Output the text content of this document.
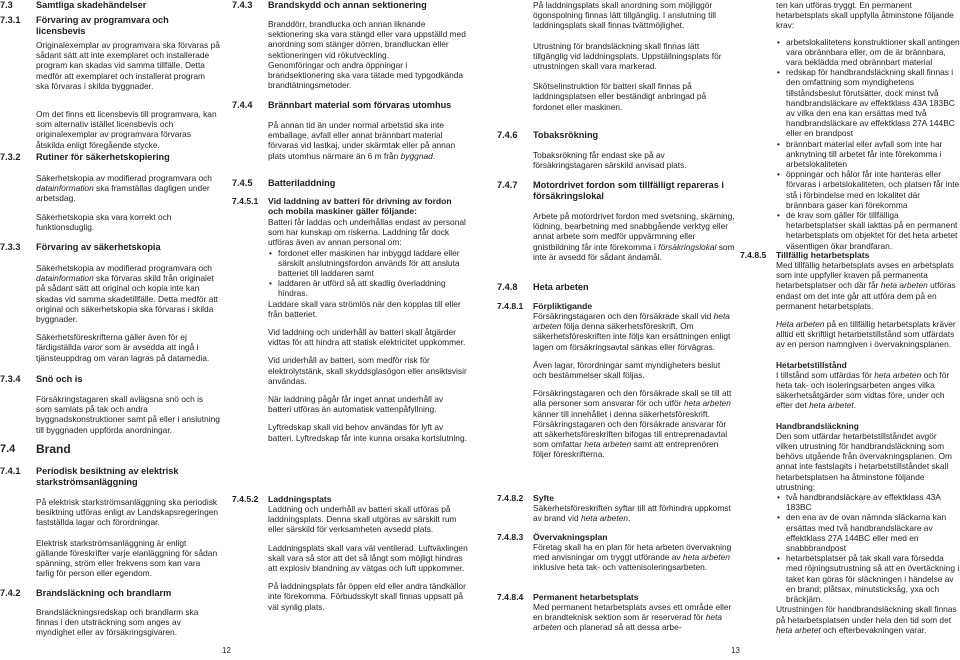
7.3	Samtliga skadehändelser
7.3.1	Förvaring av programvara och licensbevis

Originalexemplar av programvara ska förvaras på sådant sätt att inte exemplaret och installerade program kan skadas vid samma tillfälle. Detta medför att exemplaret och installerat program ska förvaras i skilda byggnader.

Om det finns ett licensbevis till programvara, kan som alternativ istället licensbevis och originalexemplar av programvara förvaras åtskilda enligt föregående stycke.

7.3.2	Rutiner för säkerhetskopiering

Säkerhetskopia av modifierad programvara och datainformation ska framställas dagligen under arbetsdag.

Säkerhetskopia ska vara korrekt och funktionsduglig.

7.3.3	Förvaring av säkerhetskopia

Säkerhetskopia av modifierad programvara och datainformation ska förvaras skild från originalet på sådant sätt att original och kopia inte kan skadas vid samma skadetillfälle. Detta medför att original och säkerhetskopia ska förvaras i skilda byggnader.

Säkerhetsföreskrifterna gäller även för ej färdigställda varor som är avsedda att ingå i tjänsteuppdrag om varan lagras på datamedia.

7.3.4	Snö och is

Försäkringstagaren skall avlägsna snö och is som samlats på tak och andra byggnadskonstruktioner samt på eller i anslutning till byggnaden uppförda anordningar.

7.4	Brand
7.4.1	Periodisk besiktning av elektrisk starkströmsanläggning

På elektrisk starkströmsanläggning ska periodisk besiktning utföras enligt av Landskapsregeringen fastställda lagar och förordningar.

Elektrisk starkströmsanläggning är enligt gällande föreskrifter varje elanläggning för sådan spänning, ström eller frekvens som kan vara farlig för person eller egendom.

7.4.2	Brandsläckning och brandlarm

Brandsläckningsredskap och brandlarm ska finnas i den utsträckning som anges av myndighet eller av försäkringsgivaren.

7.4.3	Brandskydd och annan sektionering

Branddörr, brandlucka och annan liknande sektionering ska vara stängd eller vara uppställd med anordning som stänger dörren, brandluckan eller sektioneringen vid rökutveckling.

Genomföringar och andra öppningar i brandsektionering ska vara tätade med typgodkända brandtätningsmetoder.

7.4.4	Brännbart material som förvaras utomhus

På annan tid än under normal arbetstid ska inte emballage, avfall eller annat brännbart material förvaras vid lastkaj, under skärmtak eller på annan plats utomhus närmare än 6 m från byggnad.

7.4.5	Batteriladdning
7.4.5.1 Vid laddning av batteri för drivning av fordon och mobila maskiner gäller följande:

Batteri får laddas och underhållas endast av personal som har kunskap om riskerna. Laddning får dock utföras även av annan personal om:

• fordonet eller maskinen har inbyggd laddare eller särskilt anslutningsfordon används för att ansluta batteriet till laddaren samt
• laddaren är utförd så att skadlig överladdning hindras.

Laddare skall vara strömlös när den kopplas till eller från batteriet.

Vid laddning och underhåll av batteri skall åtgärder vidtas för att hindra att statisk elektricitet uppkommer.

Vid underhåll av batteri, som medför risk för elektrolytstänk, skall skyddsglasögon eller ansiktsvisir användas.

När laddning pågår får inget annat underhåll av batteri utföras än automatisk vattenpåfyllning.

Lyftredskap skall vid behov användas för lyft av batteri. Lyftredskap får inte kunna orsaka kortslutning.

7.4.5.2 Laddningsplats

Laddning och underhåll av batteri skall utföras på laddningsplats. Denna skall utgöras av särskilt rum eller särskild för verksamheten avsedd plats.

Laddningsplats skall vara väl ventilerad. Luftväxlingen skall vara så stor att det så långt som möjligt hindras att explosiv blandning av vätgas och luft uppkommer.

På laddningsplats får öppen eld eller andra tändkällor inte förekomma. Förbudsskylt skall finnas uppsatt på väl synlig plats.

På laddningsplats skall anordning som möjliggör ögonspolning finnas lätt tillgänglig. I anslutning till laddningsplats skall finnas tvättmöjlighet.

Utrustning för brandsläckning skall finnas lätt tillgänglig vid laddningsplats. Uppställningsplats för utrustningen skall vara markerad.

Skötselinstruktion för batteri skall finnas på laddningsplatsen eller beständigt anbringad på fordonet eller maskinen.

7.4.6	Tobaksrökning

Tobaksrökning får endast ske på av försäkringstagaren särskild anvisad plats.

7.4.7	Motordrivet fordon som tillfälligt repareras i försäkringslokal

Arbete på motordrivet fordon med svetsning, skärning, lödning, bearbetning med snabbgående verktyg eller annat arbete som medför uppvärmning eller gnistbildning får inte förekomma i försäkringslokal som inte är avsedd för sådant ändamål.

7.4.8	Heta arbeten
7.4.8.1 Förpliktigande

Försäkringstagaren och den försäkrade skall vid heta arbeten följa denna säkerhetsföreskrift. Om säkerhetsföreskriften inte följs kan ersättningen enligt lagen om försäkringsavtal sänkas eller förvägras.

Även lagar, förordningar samt myndigheters beslut och bestämmelser skall följas.

Försäkringstagaren och den försäkrade skall se till att alla personer som ansvarar för och utför heta arbeten känner till innehållet i denna säkerhetsföreskrift. Försäkringstagaren och den försäkrade ansvarar för att säkerhetsföreskriften bifogas till entreprenadavtal som omfattar heta arbeten samt att entreprenören följer föreskrifterna.

7.4.8.2 Syfte

Säkerhetsföreskriften syftar till att förhindra uppkomst av brand vid heta arbeten.

7.4.8.3 Övervakningsplan

Företag skall ha en plan för heta arbeten övervakning med anvisningar om tryggt utförande av heta arbeten inklusive heta tak- och vattenisoleringsarbeten.

7.4.8.4 Permanent hetarbetsplats

Med permanent hetarbetsplats avses ett område eller en brandteknisk sektion som är reserverad för heta arbeten och planerad så att dessa arbe-

ten kan utföras tryggt. En permanent hetarbetsplats skall uppfylla åtminstone följande krav:

• arbetslokalitetens konstruktioner skall antingen vara obrännbara eller, om de är brännbara, vara beklädda med obrännbart material
• redskap för handbrandsläckning skall finnas i den omfattning som myndighetens tillståndsbeslut förutsätter, dock minst två handbrandsläckare av effektklass 43A 183BC av vilka den ena kan ersättas med två handbrandsläckare av effektklass 27A 144BC eller en brandpost
• brännbart material eller avfall som inte har anknytning till arbetet får inte förekomma i arbetslokaliteten
• öppningar och hålor får inte hanteras eller förvaras i arbetslokaliteten, och platsen får inte stå i förbindelse med en lokalitet där brännbara gaser kan förekomma
• de krav som gäller för tillfälliga hetarbetsplatser skall iakttas på en permanent hetarbetsplats om objektet för det heta arbetet väsentligen ökar brandfaran.
7.4.8.5 Tillfällig hetarbetsplats

Med tillfällig hetarbetsplats avses en arbetsplats som inte uppfyller kraven på permanenta hetarbetsplatser och där får heta arbeten utföras endast om det inte går att utföra dem på en permanent hetarbetsplats.

Heta arbeten på en tillfällig hetarbetsplats kräver alltid ett skriftligt hetarbetstillstånd som utfärdats av en person namngiven i övervakningsplanen.

Hetarbetstillstånd
I tillstånd som utfärdas för heta arbeten och för heta tak- och isoleringsarbeten anges vilka säkerhetsåtgärder som vidtas före, under och efter det heta arbetet.

Handbrandsläckning
Den som utfärdar hetarbetstillståndet avgör vilken utrustning för handbrandsläckning som behövs utgående från övervakningsplanen. Om annat inte fastslagits i hetarbetstillståndet skall hetarbetsplatsen ha åtminstone följande utrustning:

• två handbrandsläckare av effektklass 43A 183BC
• den ena av de ovan nämnda släckarna kan ersättas med två handbrandsläckare av effektklass 27A 144BC eller med en snabbbrandpost
• hetarbetsplatser på tak skall vara försedda med röjningsutrustning så att en övertäckning i taket kan göras för släckningen i händelse av en brand; plåtsax, minutsticksåg, yxa och bräckjärn.

Utrustningen för handbrandsläckning skall finnas på hetarbetsplatsen under hela den tid som det heta arbetet och efterbevakningen varar.

12	13
